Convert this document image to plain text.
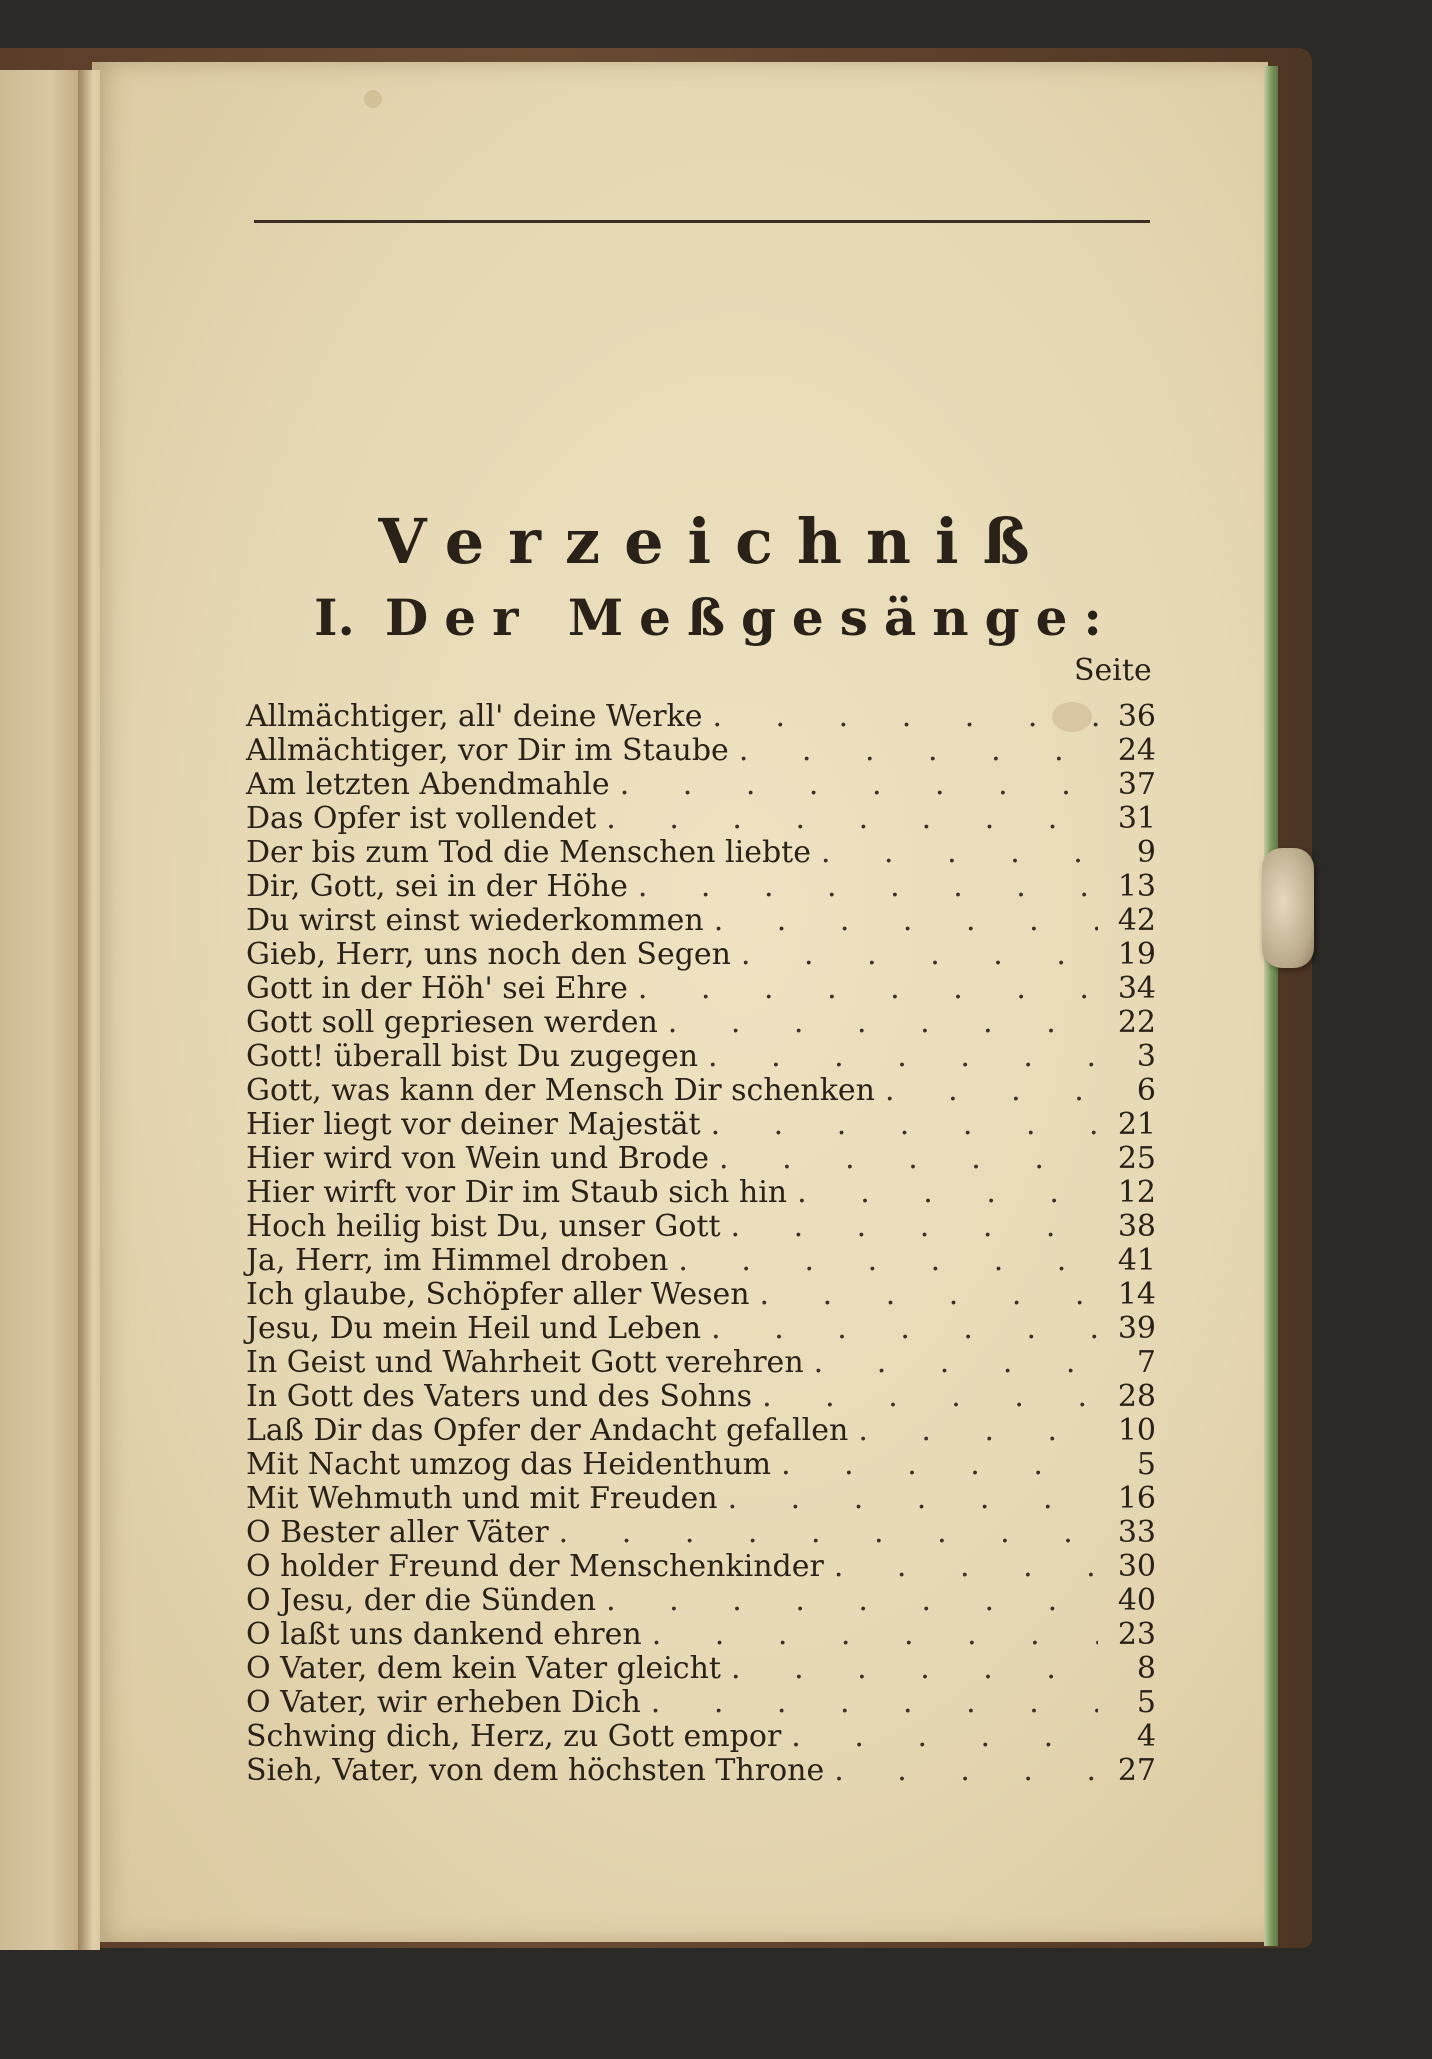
Verzeichniß
I. Der Meßgesänge:
Seite
Allmächtiger, all' deine Werke . . .	36
Allmächtiger, vor Dir im Staube . . .	24
Am letzten Abendmahle . . .	37
Das Opfer ist vollendet . . .	31
Der bis zum Tod die Menschen liebte . . .	9
Dir, Gott, sei in der Höhe . . .	13
Du wirst einst wiederkommen . . .	42
Gieb, Herr, uns noch den Segen . . .	19
Gott in der Höh' sei Ehre . . .	34
Gott soll gepriesen werden . . .	22
Gott! überall bist Du zugegen . . .	3
Gott, was kann der Mensch Dir schenken . . .	6
Hier liegt vor deiner Majestät . . .	21
Hier wird von Wein und Brode . . .	25
Hier wirft vor Dir im Staub sich hin . . .	12
Hoch heilig bist Du, unser Gott . . .	38
Ja, Herr, im Himmel droben . . .	41
Ich glaube, Schöpfer aller Wesen . . .	14
Jesu, Du mein Heil und Leben . . .	39
In Geist und Wahrheit Gott verehren . . .	7
In Gott des Vaters und des Sohns . . .	28
Laß Dir das Opfer der Andacht gefallen . . .	10
Mit Nacht umzog das Heidenthum . . .	5
Mit Wehmuth und mit Freuden . . .	16
O Bester aller Väter . . .	33
O holder Freund der Menschenkinder . . .	30
O Jesu, der die Sünden . . .	40
O laßt uns dankend ehren . . .	23
O Vater, dem kein Vater gleicht . . .	8
O Vater, wir erheben Dich . . .	5
Schwing dich, Herz, zu Gott empor . . .	4
Sieh, Vater, von dem höchsten Throne . . .	27
